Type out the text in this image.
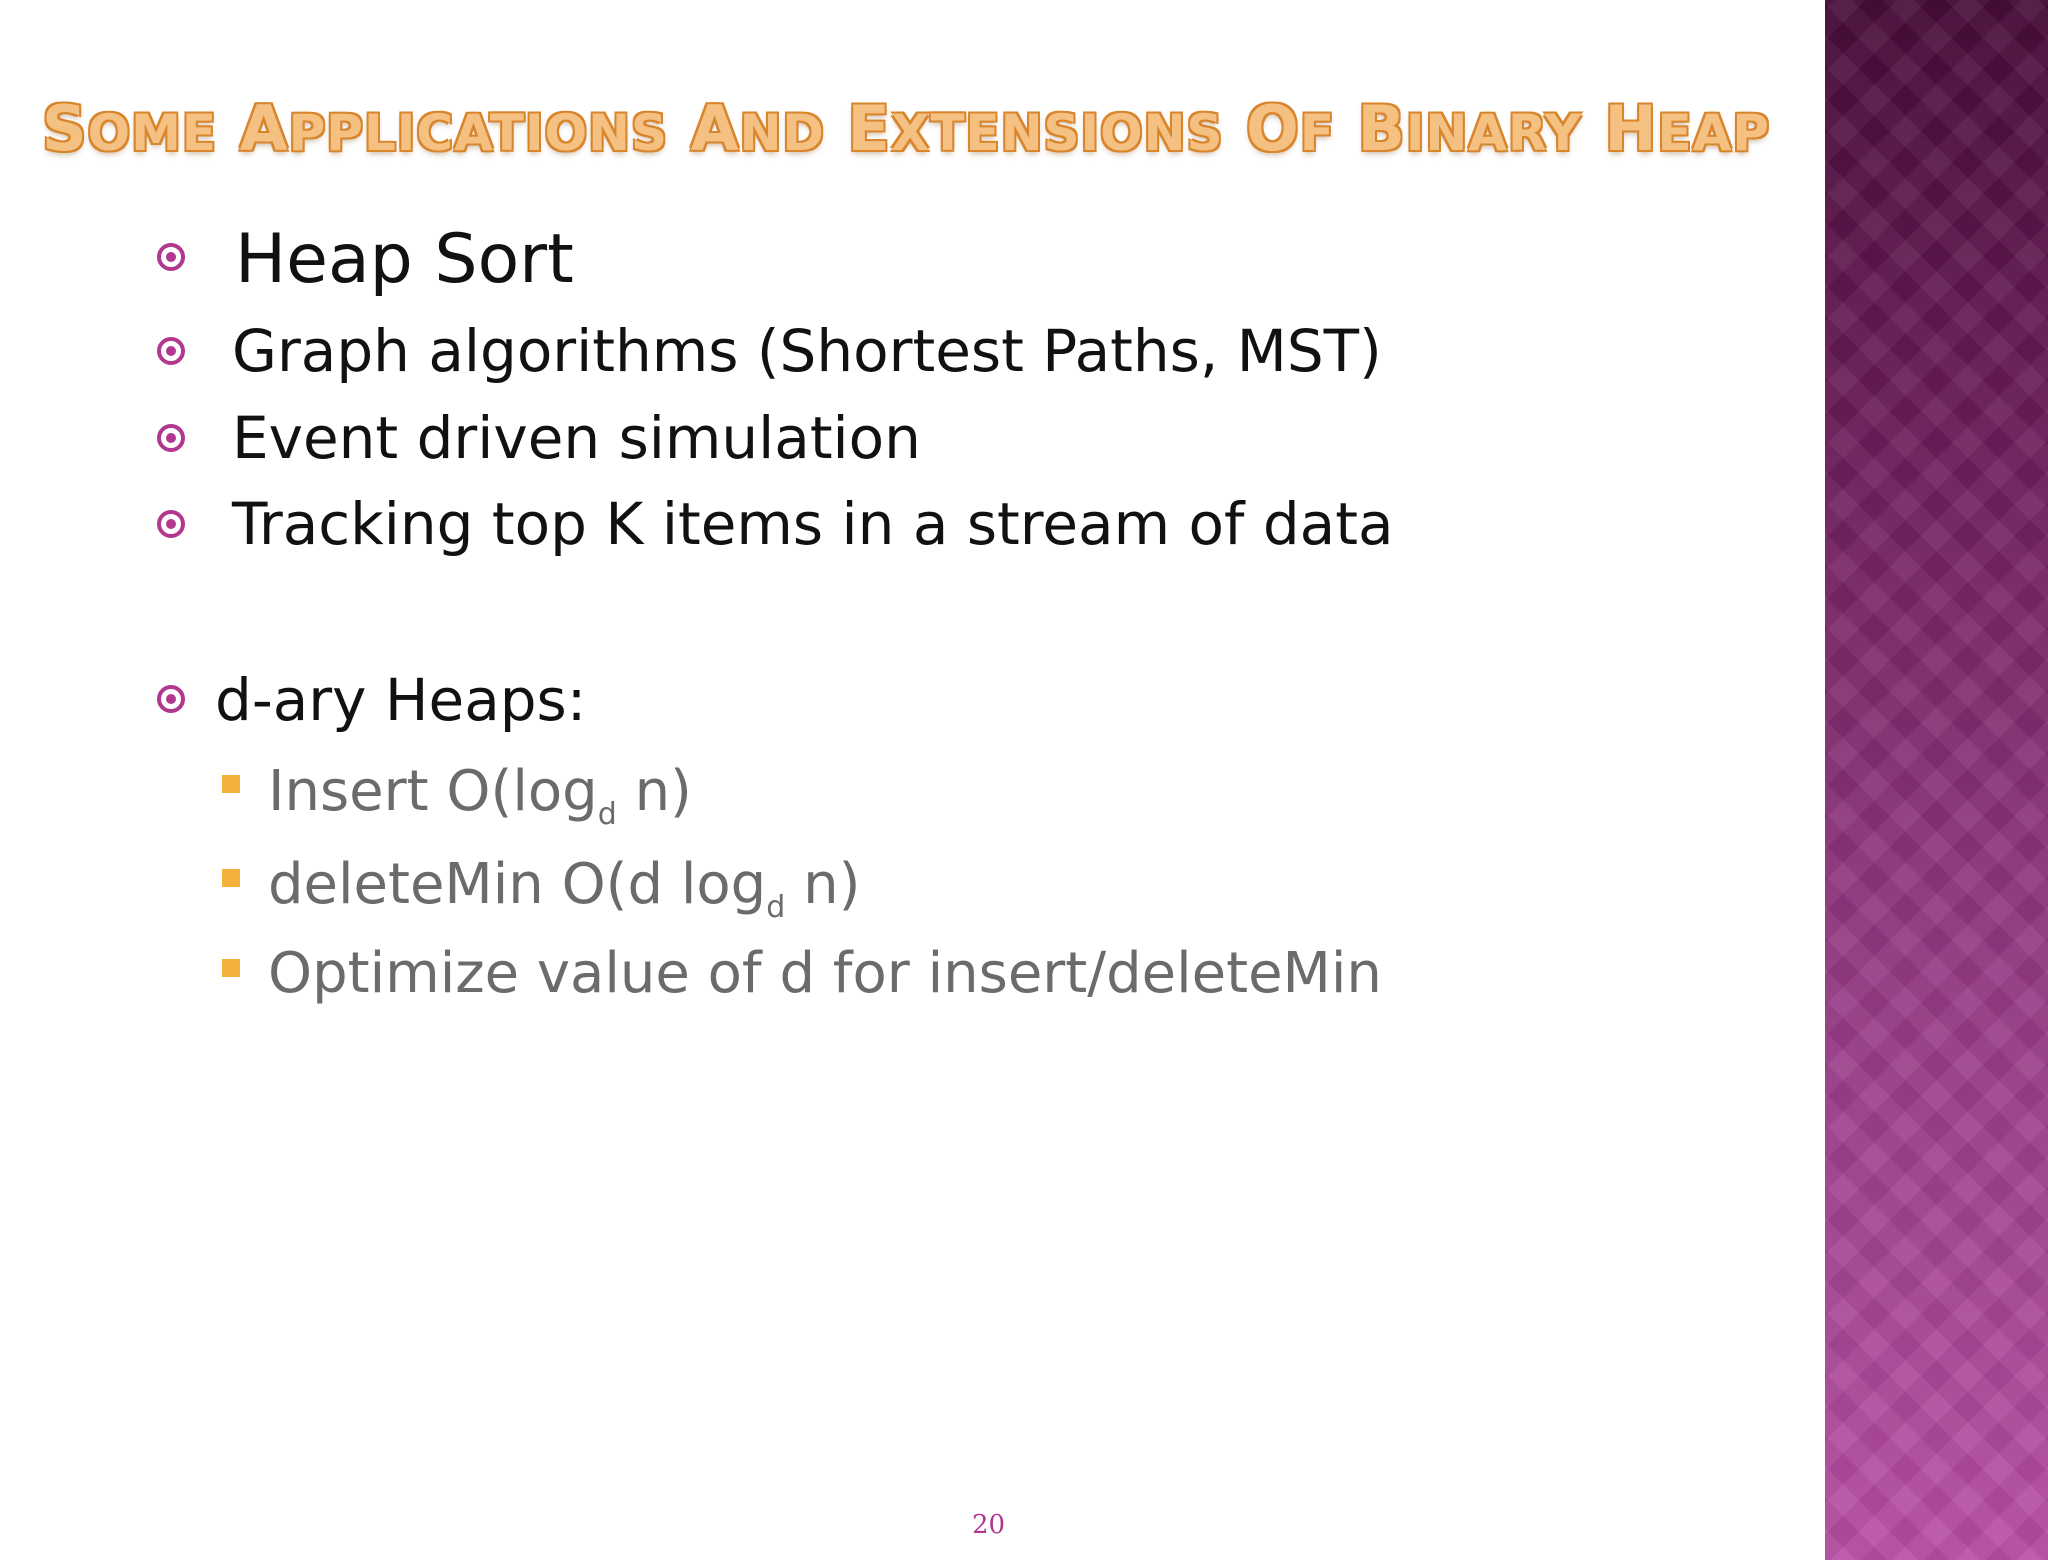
SOME APPLICATIONS AND EXTENSIONS OF BINARY HEAP
Heap Sort
Graph algorithms (Shortest Paths, MST)
Event driven simulation
Tracking top K items in a stream of data
d-ary Heaps:
Insert $O(\log_d$ n)
deleteMin O(d $\log_d n$)
Optimize value of d for insert/deleteMin
20
